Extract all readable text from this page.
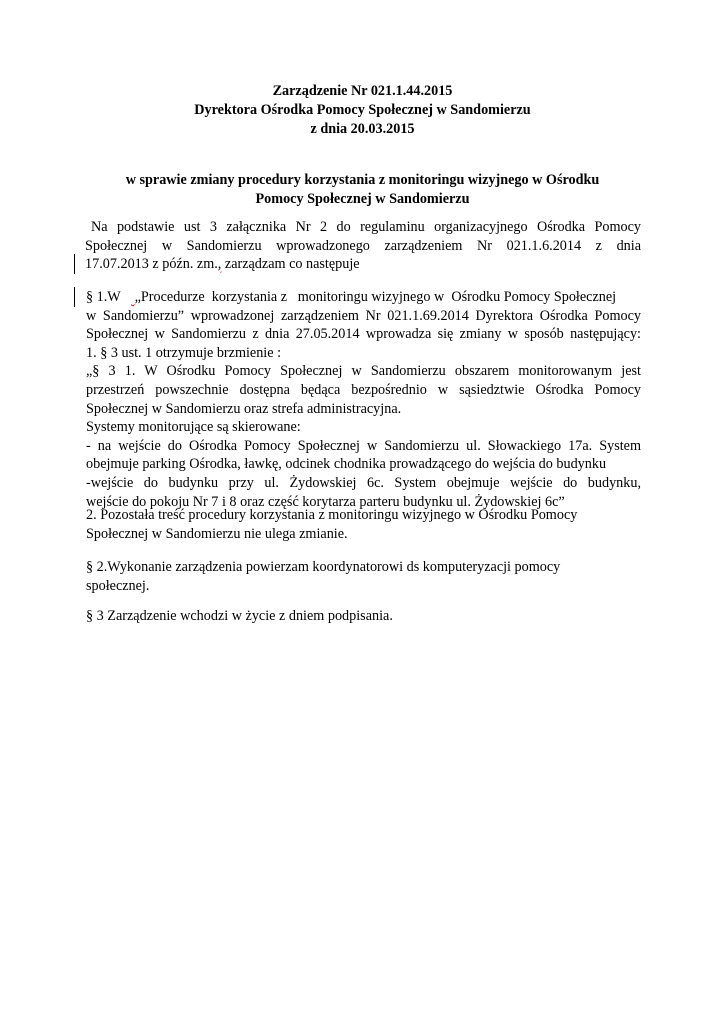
Zarządzenie Nr 021.1.44.2015
Dyrektora Ośrodka Pomocy Społecznej w Sandomierzu
z dnia 20.03.2015
w sprawie zmiany procedury korzystania z monitoringu wizyjnego w Ośrodku
Pomocy Społecznej w Sandomierzu
Na podstawie ust 3 załącznika Nr 2 do regulaminu organizacyjnego Ośrodka Pomocy
Społecznej w Sandomierzu wprowadzonego zarządzeniem Nr 021.1.6.2014 z dnia
17.07.2013 z późn. zm., zarządzam co następuje
§ 1.W    „Procedurze  korzystania z   monitoringu wizyjnego w  Ośrodku Pomocy Społecznej
w Sandomierzu” wprowadzonej zarządzeniem Nr 021.1.69.2014 Dyrektora Ośrodka Pomocy
Społecznej w Sandomierzu z dnia 27.05.2014 wprowadza się zmiany w sposób następujący:
1. § 3 ust. 1 otrzymuje brzmienie :
„§ 3 1. W Ośrodku Pomocy Społecznej w Sandomierzu obszarem monitorowanym jest
przestrzeń powszechnie dostępna będąca bezpośrednio w sąsiedztwie Ośrodka Pomocy
Społecznej w Sandomierzu oraz strefa administracyjna.
Systemy monitorujące są skierowane:
- na wejście do Ośrodka Pomocy Społecznej w Sandomierzu ul. Słowackiego 17a. System
obejmuje parking Ośrodka, ławkę, odcinek chodnika prowadzącego do wejścia do budynku
-wejście do budynku przy ul. Żydowskiej 6c. System obejmuje wejście do budynku,
wejście do pokoju Nr 7 i 8 oraz część korytarza parteru budynku ul. Żydowskiej 6c”
2. Pozostała treść procedury korzystania z monitoringu wizyjnego w Ośrodku Pomocy
Społecznej w Sandomierzu nie ulega zmianie.
§ 2.Wykonanie zarządzenia powierzam koordynatorowi ds komputeryzacji pomocy
społecznej.
§ 3 Zarządzenie wchodzi w życie z dniem podpisania.
